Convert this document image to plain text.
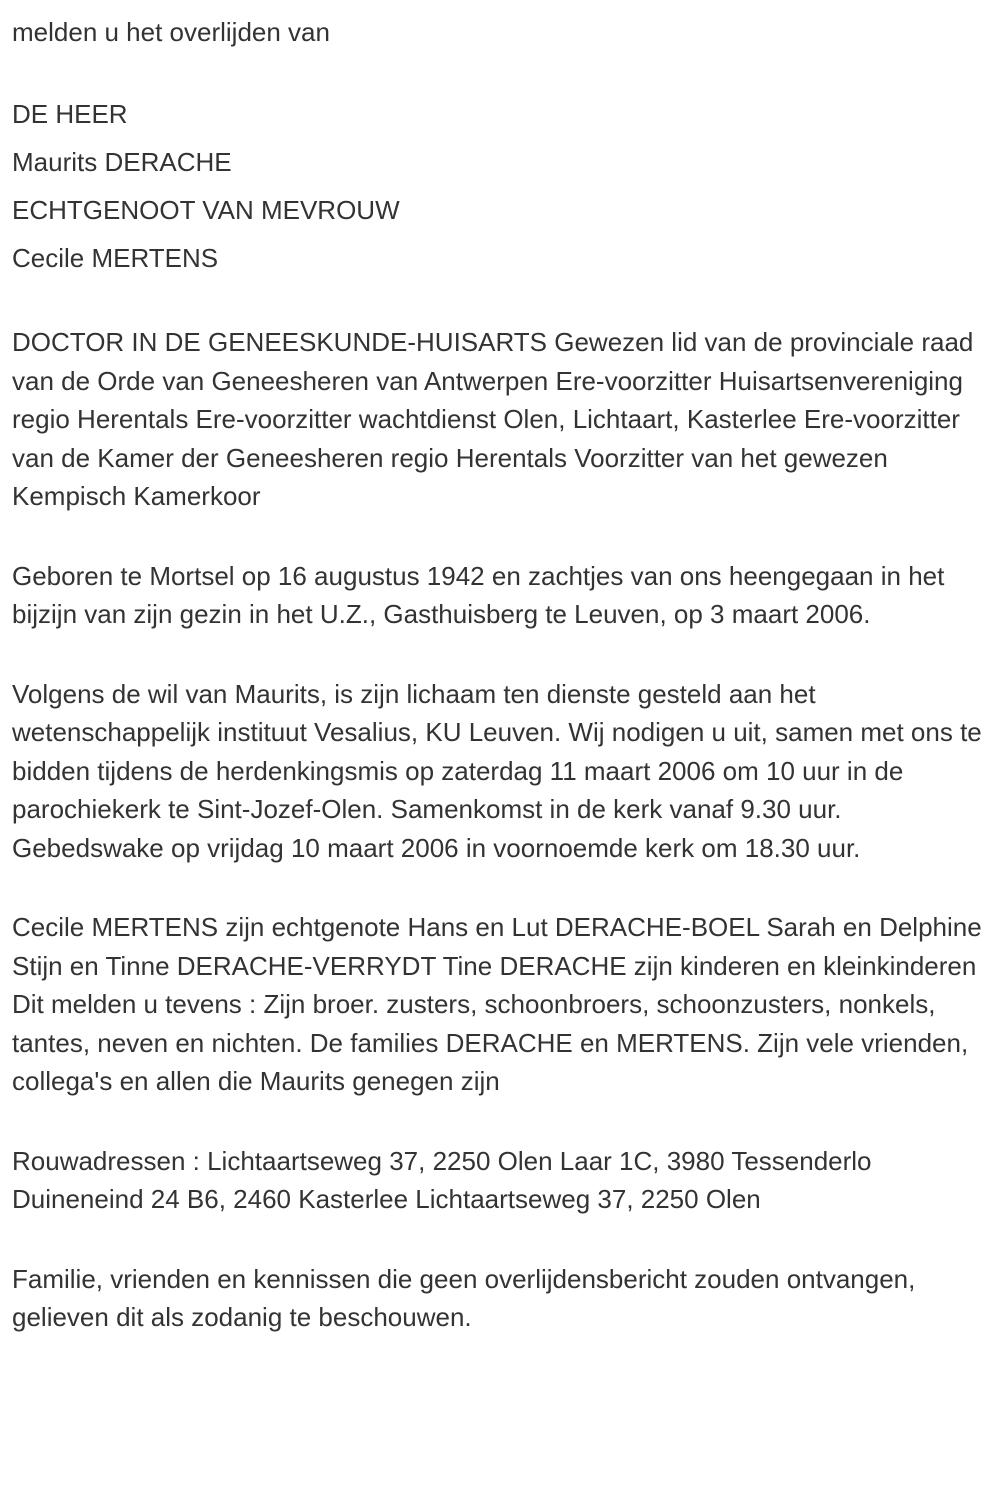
melden u het overlijden van

DE HEER

Maurits DERACHE

ECHTGENOOT VAN MEVROUW

Cecile MERTENS

DOCTOR IN DE GENEESKUNDE-HUISARTS Gewezen lid van de provinciale raad van de Orde van Geneesheren van Antwerpen Ere-voorzitter Huisartsenvereniging regio Herentals Ere-voorzitter wachtdienst Olen, Lichtaart, Kasterlee Ere-voorzitter van de Kamer der Geneesheren regio Herentals Voorzitter van het gewezen Kempisch Kamerkoor

Geboren te Mortsel op 16 augustus 1942 en zachtjes van ons heengegaan in het bijzijn van zijn gezin in het U.Z., Gasthuisberg te Leuven, op 3 maart 2006.

Volgens de wil van Maurits, is zijn lichaam ten dienste gesteld aan het wetenschappelijk instituut Vesalius, KU Leuven. Wij nodigen u uit, samen met ons te bidden tijdens de herdenkingsmis op zaterdag 11 maart 2006 om 10 uur in de parochiekerk te Sint-Jozef-Olen. Samenkomst in de kerk vanaf 9.30 uur. Gebedswake op vrijdag 10 maart 2006 in voornoemde kerk om 18.30 uur.

Cecile MERTENS zijn echtgenote Hans en Lut DERACHE-BOEL Sarah en Delphine Stijn en Tinne DERACHE-VERRYDT Tine DERACHE zijn kinderen en kleinkinderen Dit melden u tevens : Zijn broer. zusters, schoonbroers, schoonzusters, nonkels, tantes, neven en nichten. De families DERACHE en MERTENS. Zijn vele vrienden, collega's en allen die Maurits genegen zijn

Rouwadressen : Lichtaartseweg 37, 2250 Olen Laar 1C, 3980 Tessenderlo Duineneind 24 B6, 2460 Kasterlee Lichtaartseweg 37, 2250 Olen

Familie, vrienden en kennissen die geen overlijdensbericht zouden ontvangen, gelieven dit als zodanig te beschouwen.
